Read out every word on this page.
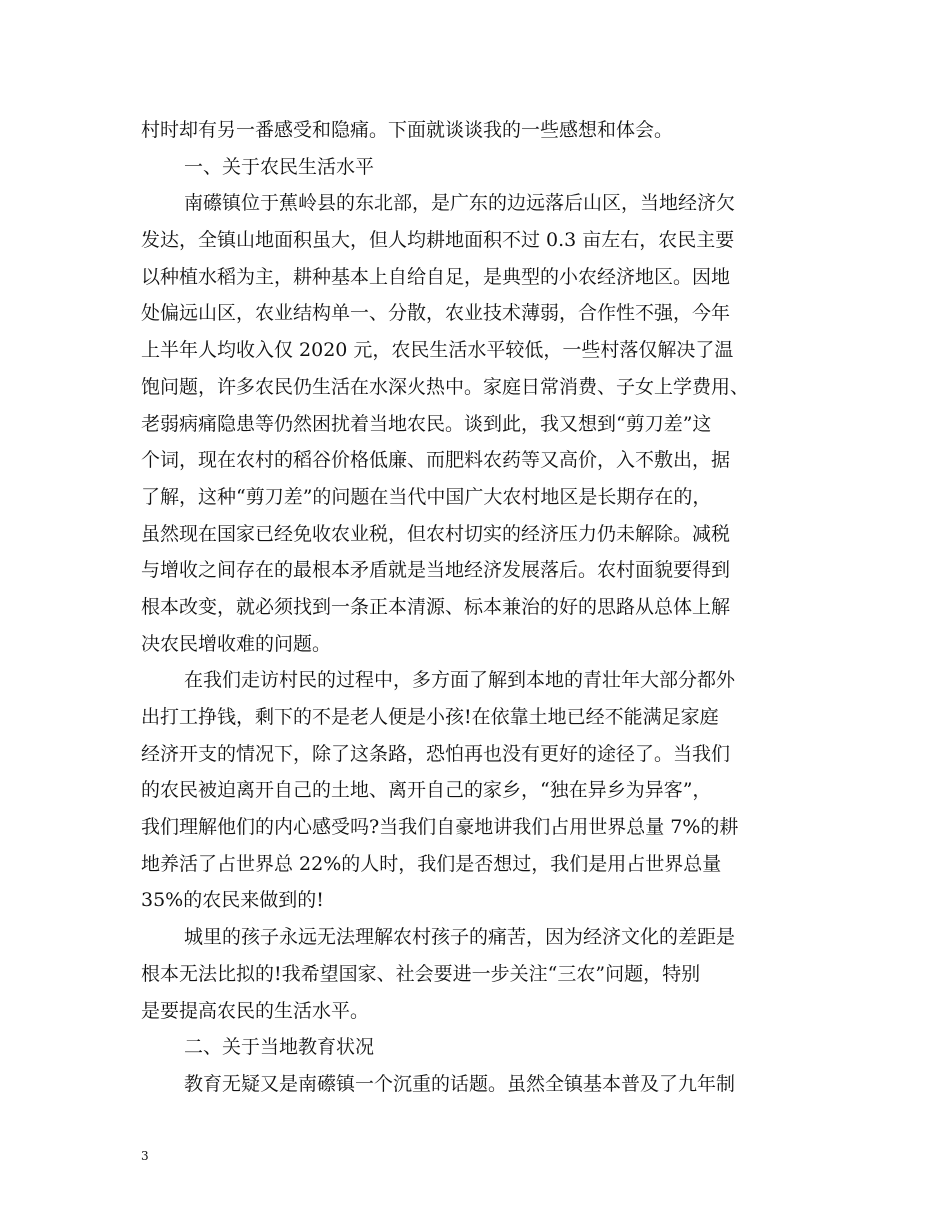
村时却有另一番感受和隐痛。下面就谈谈我的一些感想和体会。
一、关于农民生活水平
南礤镇位于蕉岭县的东北部，是广东的边远落后山区，当地经济欠
发达，全镇山地面积虽大，但人均耕地面积不过 0.3 亩左右，农民主要
以种植水稻为主，耕种基本上自给自足，是典型的小农经济地区。因地
处偏远山区，农业结构单一、分散，农业技术薄弱，合作性不强，今年
上半年人均收入仅 2020 元，农民生活水平较低，一些村落仅解决了温
饱问题，许多农民仍生活在水深火热中。家庭日常消费、子女上学费用、
老弱病痛隐患等仍然困扰着当地农民。谈到此，我又想到“剪刀差”这
个词，现在农村的稻谷价格低廉、而肥料农药等又高价，入不敷出，据
了解，这种“剪刀差”的问题在当代中国广大农村地区是长期存在的，
虽然现在国家已经免收农业税，但农村切实的经济压力仍未解除。减税
与增收之间存在的最根本矛盾就是当地经济发展落后。农村面貌要得到
根本改变，就必须找到一条正本清源、标本兼治的好的思路从总体上解
决农民增收难的问题。
在我们走访村民的过程中，多方面了解到本地的青壮年大部分都外
出打工挣钱，剩下的不是老人便是小孩!在依靠土地已经不能满足家庭
经济开支的情况下，除了这条路，恐怕再也没有更好的途径了。当我们
的农民被迫离开自己的土地、离开自己的家乡，“独在异乡为异客”，
我们理解他们的内心感受吗?当我们自豪地讲我们占用世界总量 7%的耕
地养活了占世界总 22%的人时，我们是否想过，我们是用占世界总量
35%的农民来做到的!
城里的孩子永远无法理解农村孩子的痛苦，因为经济文化的差距是
根本无法比拟的!我希望国家、社会要进一步关注“三农”问题，特别
是要提高农民的生活水平。
二、关于当地教育状况
教育无疑又是南礤镇一个沉重的话题。虽然全镇基本普及了九年制
3
